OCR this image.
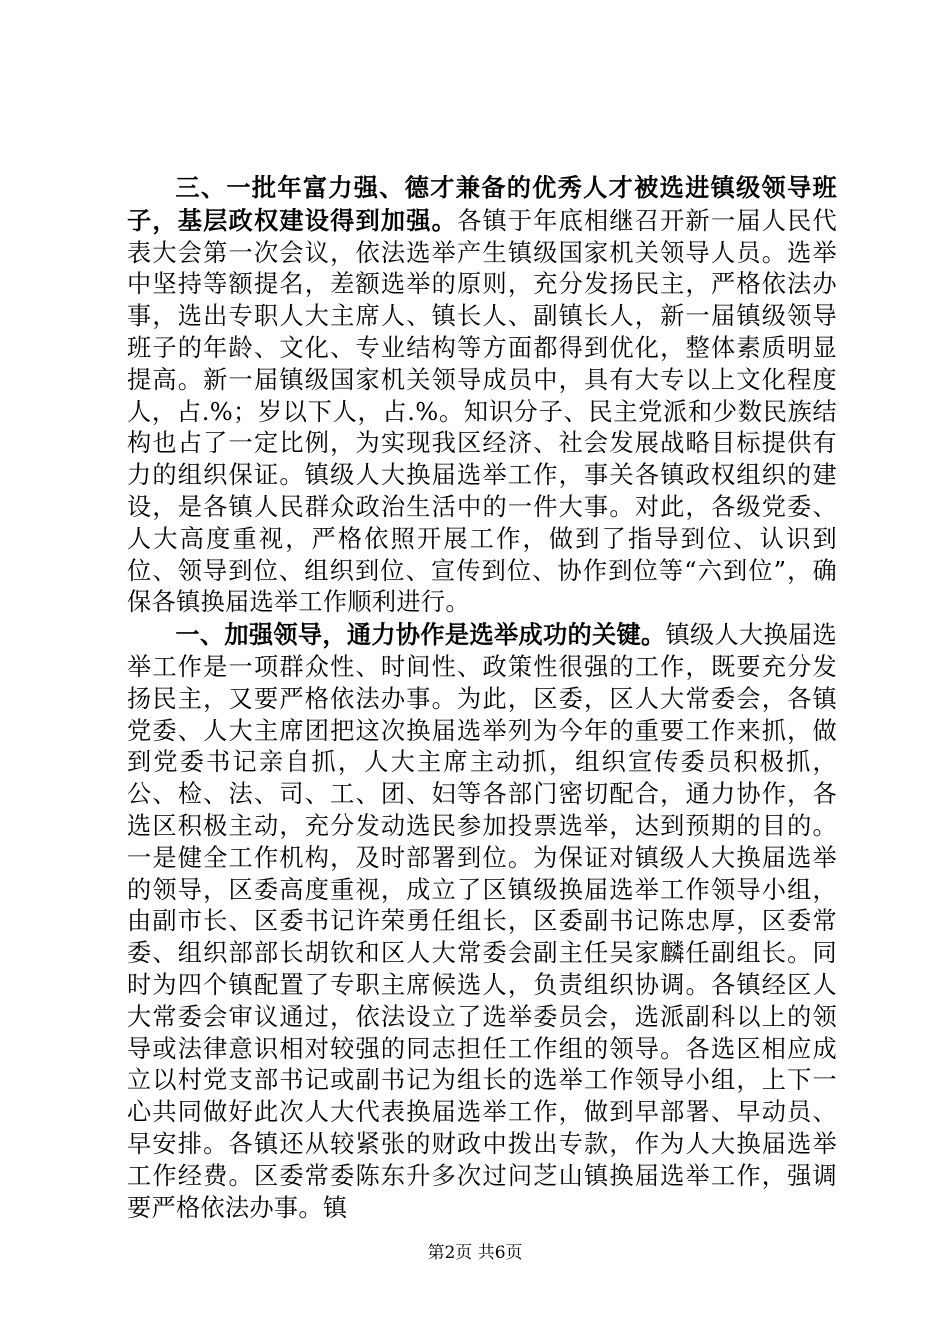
三、一批年富力强、德才兼备的优秀人才被选进镇级领导班子，基层政权建设得到加强。各镇于年底相继召开新一届人民代表大会第一次会议，依法选举产生镇级国家机关领导人员。选举中坚持等额提名，差额选举的原则，充分发扬民主，严格依法办事，选出专职人大主席人、镇长人、副镇长人，新一届镇级领导班子的年龄、文化、专业结构等方面都得到优化，整体素质明显提高。新一届镇级国家机关领导成员中，具有大专以上文化程度人，占.%；岁以下人，占.%。知识分子、民主党派和少数民族结构也占了一定比例，为实现我区经济、社会发展战略目标提供有力的组织保证。镇级人大换届选举工作，事关各镇政权组织的建设，是各镇人民群众政治生活中的一件大事。对此，各级党委、人大高度重视，严格依照开展工作，做到了指导到位、认识到位、领导到位、组织到位、宣传到位、协作到位等“六到位”，确保各镇换届选举工作顺利进行。

一、加强领导，通力协作是选举成功的关键。镇级人大换届选举工作是一项群众性、时间性、政策性很强的工作，既要充分发扬民主，又要严格依法办事。为此，区委，区人大常委会，各镇党委、人大主席团把这次换届选举列为今年的重要工作来抓，做到党委书记亲自抓，人大主席主动抓，组织宣传委员积极抓，公、检、法、司、工、团、妇等各部门密切配合，通力协作，各选区积极主动，充分发动选民参加投票选举，达到预期的目的。一是健全工作机构，及时部署到位。为保证对镇级人大换届选举的领导，区委高度重视，成立了区镇级换届选举工作领导小组，由副市长、区委书记许荣勇任组长，区委副书记陈忠厚，区委常委、组织部部长胡钦和区人大常委会副主任吴家麟任副组长。同时为四个镇配置了专职主席候选人，负责组织协调。各镇经区人大常委会审议通过，依法设立了选举委员会，选派副科以上的领导或法律意识相对较强的同志担任工作组的领导。各选区相应成立以村党支部书记或副书记为组长的选举工作领导小组，上下一心共同做好此次人大代表换届选举工作，做到早部署、早动员、早安排。各镇还从较紧张的财政中拨出专款，作为人大换届选举工作经费。区委常委陈东升多次过问芝山镇换届选举工作，强调要严格依法办事。镇

第2页 共6页
